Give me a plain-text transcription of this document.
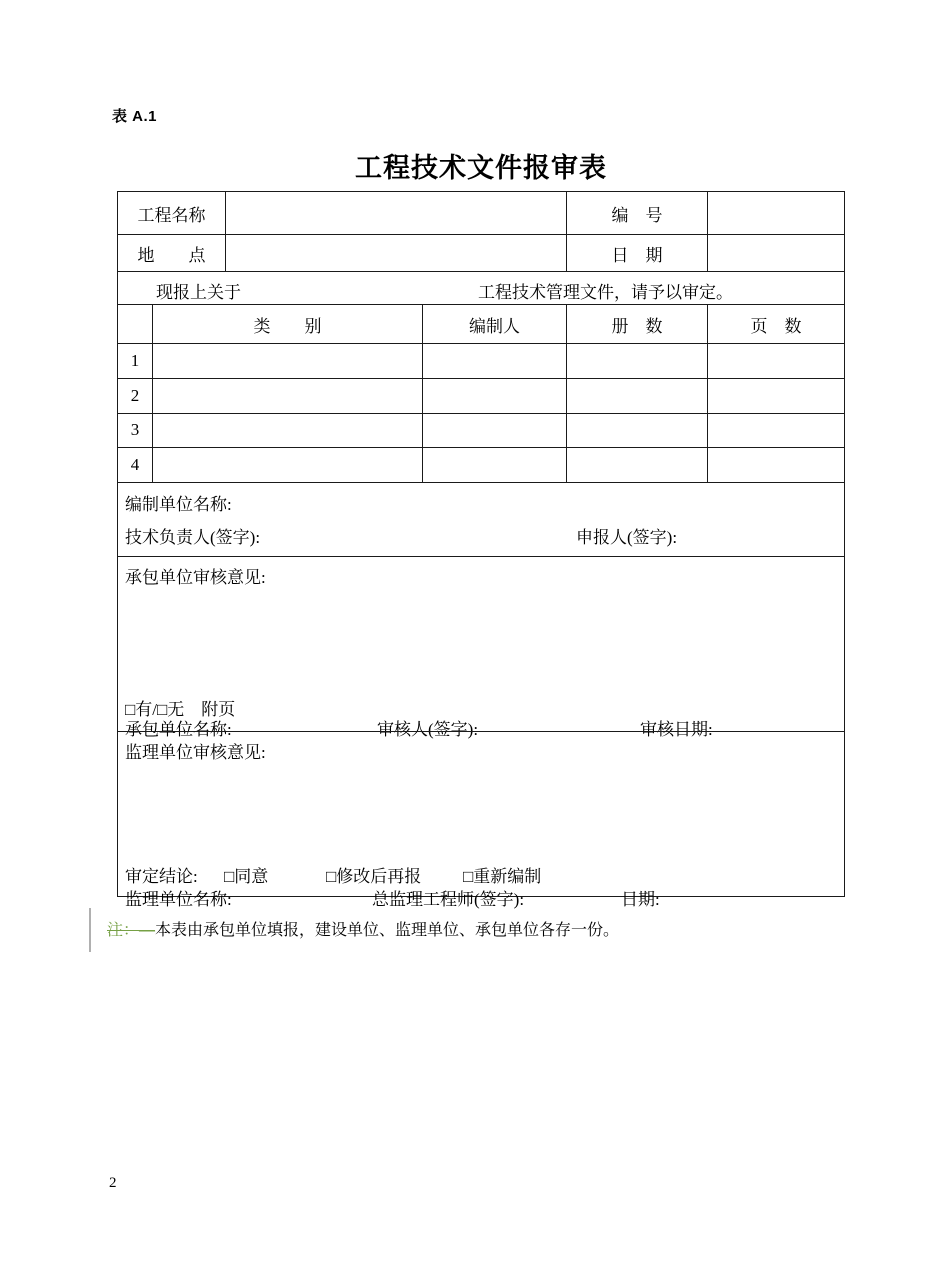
表 A.1
工程技术文件报审表
工程名称	编　号
地　　点	日　期
现报上关于	工程技术管理文件，请予以审定。
类　　别	编制人	册　数	页　数
1
2
3
4
编制单位名称:
技术负责人(签字):	申报人(签字):
承包单位审核意见:
□有/□无 附页
承包单位名称:	审核人(签字):	审核日期:
监理单位审核意见:
审定结论: □同意	□修改后再报 □重新编制
监理单位名称:	总监理工程师(签字):	日期:
注：—本表由承包单位填报，建设单位、监理单位、承包单位各存一份。
2
